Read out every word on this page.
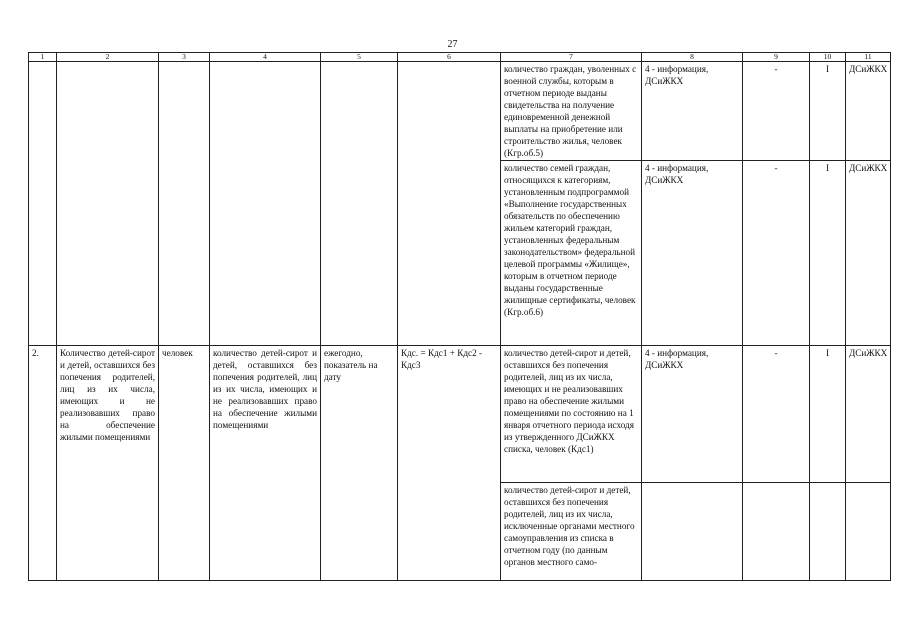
27
1	2	3	4	5	6	7	8	9	10	11
						количество граждан, уволенных с военной службы, которым в отчетном периоде выданы свидетельства на получение единовременной денежной выплаты на приобретение или строительство жилья, человек (Кгр.об.5)	4 - информация, ДСиЖКХ	-	I	ДСиЖКХ
						количество семей граждан, относящихся к категориям, установленным подпрограммой «Выполнение государственных обязательств по обеспечению жильем категорий граждан, установленных федеральным законодательством» федеральной целевой программы «Жилище», которым в отчетном периоде выданы государственные жилищные сертификаты, человек (Кгр.об.6)	4 - информация, ДСиЖКХ	-	I	ДСиЖКХ
2.	Количество детей-сирот и детей, оставшихся без попечения родителей, лиц из их числа, имеющих и не реализовавших право на обеспечение жилыми помещениями	человек	количество детей-сирот и детей, оставшихся без попечения родителей, лиц из их числа, имеющих и не реализовавших право на обеспечение жилыми помещениями	ежегодно, показатель на дату	Кдс. = Кдс1 + Кдс2 - Кдс3	количество детей-сирот и детей, оставшихся без попечения родителей, лиц из их числа, имеющих и не реализовавших право на обеспечение жилыми помещениями по состоянию на 1 января отчетного периода исходя из утвержденного ДСиЖКХ списка, человек (Кдс1)	4 - информация, ДСиЖКХ	-	I	ДСиЖКХ
						количество детей-сирот и детей, оставшихся без попечения родителей, лиц из их числа, исключенные органами местного самоуправления из списка в отчетном году (по данным органов местного само-				
